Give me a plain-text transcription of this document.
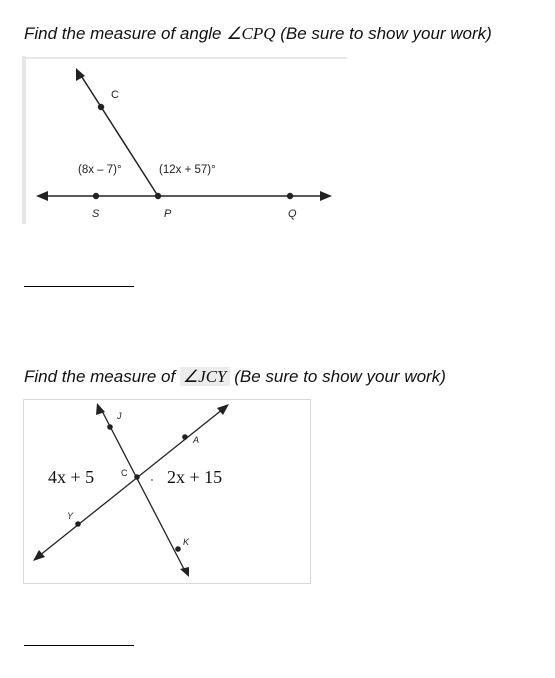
Find the measure of angle ∠CPQ (Be sure to show your work)
C
S	P	Q
(8x – 7)°	(12x + 57)°
Find the measure of ∠JCY (Be sure to show your work)
J
A
C
Y
K
4x + 5	2x + 15
